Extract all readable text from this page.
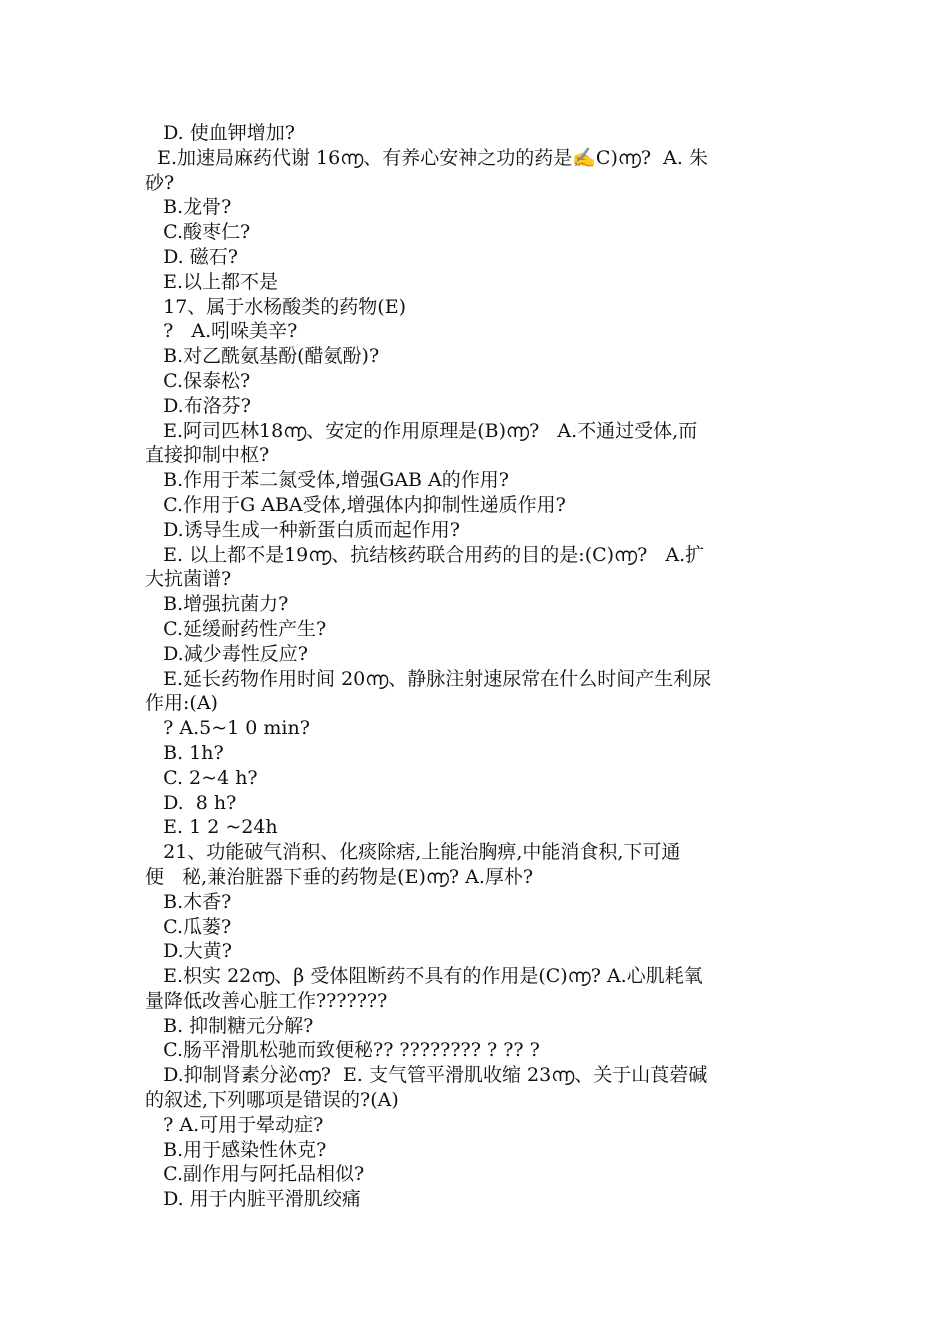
D. 使血钾增加?
E.加速局麻药代谢 16൬、有养心安神之功的药是✍C)൬?  A. 朱
砂?
B.龙骨?
C.酸枣仁?
D. 磁石?
E.以上都不是
17、属于水杨酸类的药物(E)
?   A.吲哚美辛?
B.对乙酰氨基酚(醋氨酚)?
C.保泰松?
D.布洛芬?
E.阿司匹林18൬、安定的作用原理是(B)൬?   A.不通过受体,而
直接抑制中枢?
B.作用于苯二氮受体,增强GAB A的作用?
C.作用于G ABA受体,增强体内抑制性递质作用?
D.诱导生成一种新蛋白质而起作用?
E. 以上都不是19൬、抗结核药联合用药的目的是:(C)൬?   A.扩
大抗菌谱?
B.增强抗菌力?
C.延缓耐药性产生?
D.减少毒性反应?
E.延长药物作用时间 20൬、静脉注射速尿常在什么时间产生利尿
作用:(A)
? A.5~1 0 min?
B. 1h?
C. 2~4 h?
D.  8 h?
E. 1 2 ~24h
21、功能破气消积、化痰除痞,上能治胸痹,中能消食积,下可通
便   秘,兼治脏器下垂的药物是(E)൬? A.厚朴?
B.木香?
C.瓜蒌?
D.大黄?
E.枳实 22൬、β 受体阻断药不具有的作用是(C)൬? A.心肌耗氧
量降低改善心脏工作???????
B. 抑制糖元分解?
C.肠平滑肌松驰而致便秘?? ???????? ? ?? ?
D.抑制肾素分泌൬?  E. 支气管平滑肌收缩 23൬、关于山莨菪碱
的叙述,下列哪项是错误的?(A)
? A.可用于晕动症?
B.用于感染性休克?
C.副作用与阿托品相似?
D. 用于内脏平滑肌绞痛
